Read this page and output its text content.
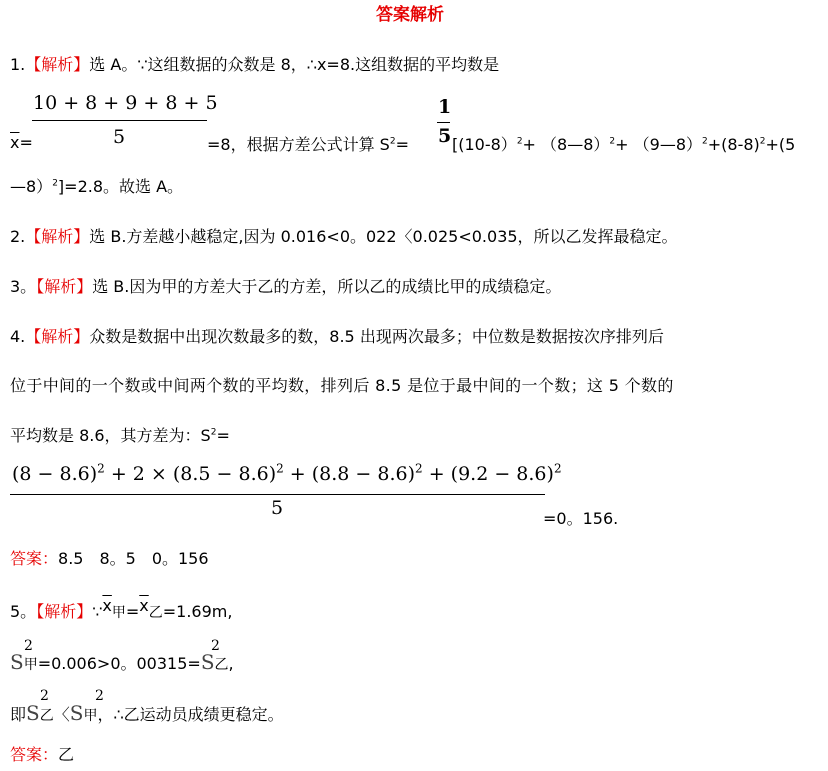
答案解析
1.【解析】选 A。∵这组数据的众数是 8，∴x=8.这组数据的平均数是
10 + 8 + 9 + 8 + 5
5
$\overline{x}=$	=8，根据方差公式计算 $S^2=$
1
5 [(10-8）$^2$+ （8—8）$^2$+ $(9—8)^2+(8-8)^2+(5$
—8）$^2$]=2.8。故选 A。
2.【解析】选 B.方差越小越稳定,因为 0.016<0。022〈0.025<0.035，所以乙发挥最稳定。
3。【解析】选 B.因为甲的方差大于乙的方差，所以乙的成绩比甲的成绩稳定。
4.【解析】众数是数据中出现次数最多的数，8.5 出现两次最多；中位数是数据按次序排列后
位于中间的一个数或中间两个数的平均数，排列后 8.5 是位于最中间的一个数；这 5 个数的
平均数是 8.6，其方差为：$S^2=$
$(8 - 8.6)^2 + 2 \times (8.5 - 8.6)^2 + (8.8 - 8.6)^2 + (9.2 - 8.6)^2$
5	=0。156.
答案：8.5　8。5　0。156
5。【解析】$\because\overline{x}$甲$=\overline{x}$乙=1.69m,
2
S甲=0.006>0。00315=S乙,
2
2
即S乙〈S甲，∴乙运动员成绩更稳定。
2
答案：乙
